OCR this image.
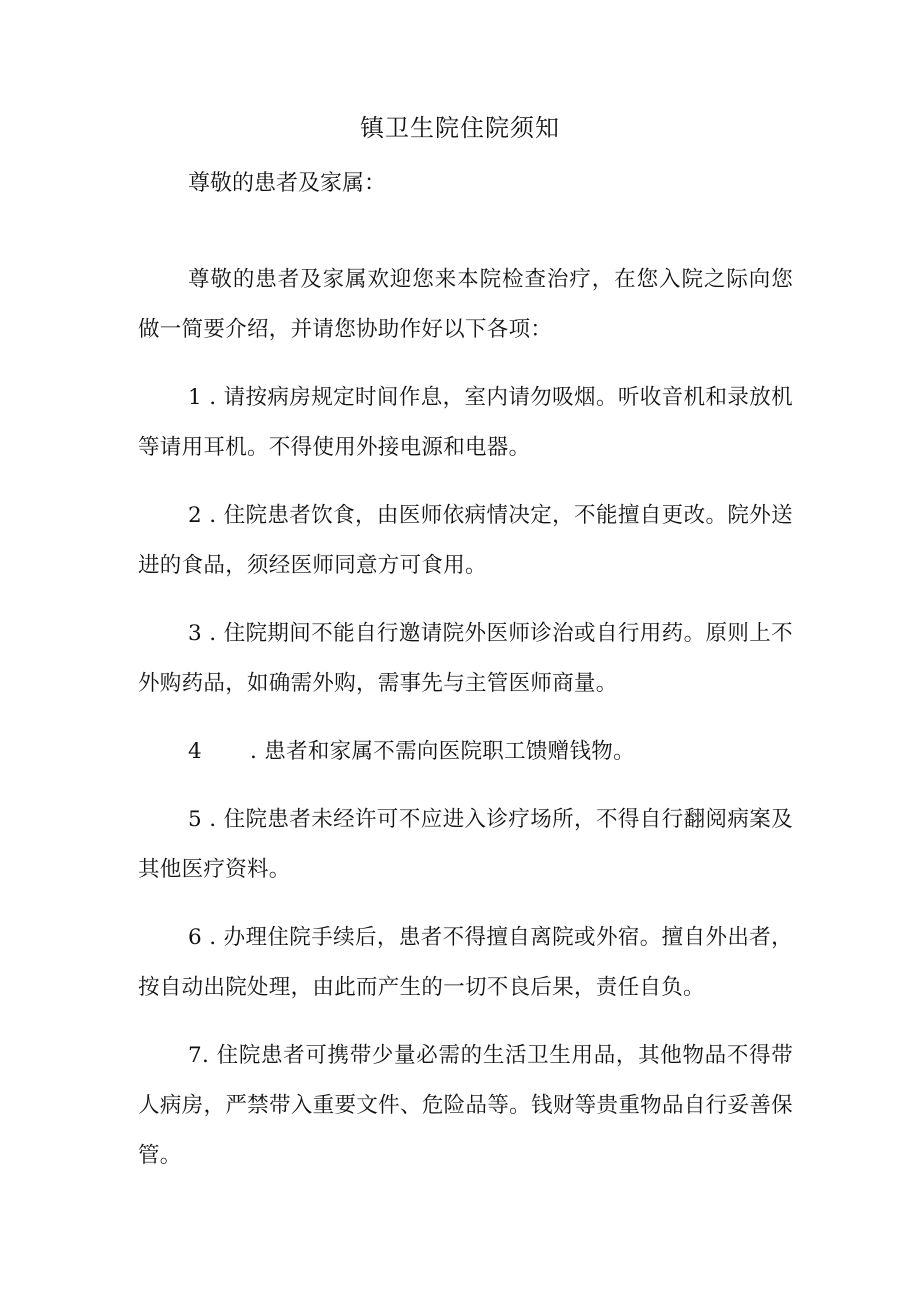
镇卫生院住院须知

尊敬的患者及家属：

尊敬的患者及家属欢迎您来本院检查治疗，在您入院之际向您做一简要介绍，并请您协助作好以下各项：

1 . 请按病房规定时间作息，室内请勿吸烟。听收音机和录放机等请用耳机。不得使用外接电源和电器。

2 . 住院患者饮食，由医师依病情决定，不能擅自更改。院外送进的食品，须经医师同意方可食用。

3 . 住院期间不能自行邀请院外医师诊治或自行用药。原则上不外购药品，如确需外购，需事先与主管医师商量。

4 . 患者和家属不需向医院职工馈赠钱物。

5 . 住院患者未经许可不应进入诊疗场所，不得自行翻阅病案及其他医疗资料。

6 . 办理住院手续后，患者不得擅自离院或外宿。擅自外出者，按自动出院处理，由此而产生的一切不良后果，责任自负。

7. 住院患者可携带少量必需的生活卫生用品，其他物品不得带人病房，严禁带入重要文件、危险品等。钱财等贵重物品自行妥善保管。
